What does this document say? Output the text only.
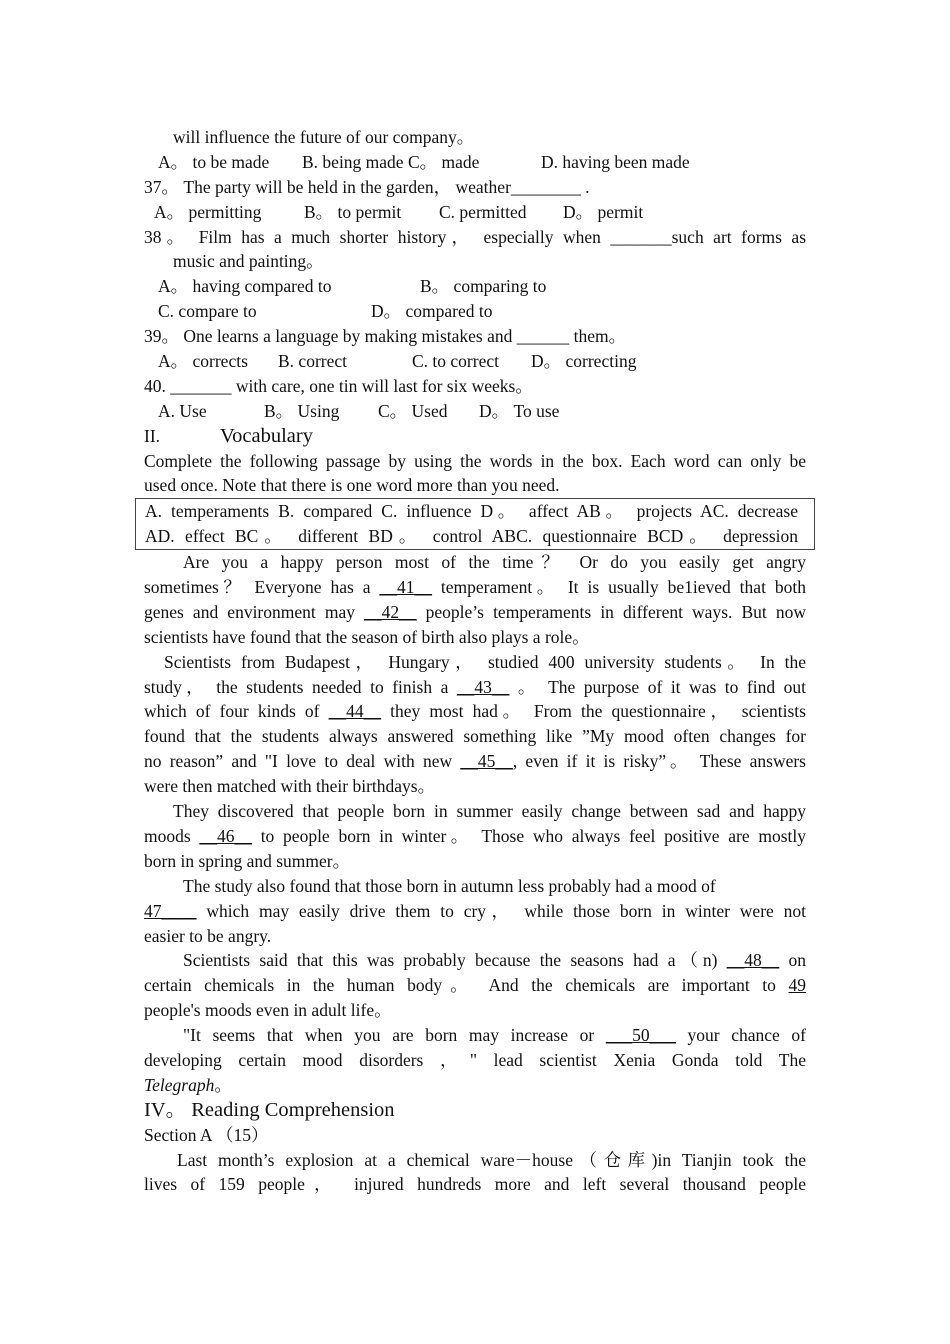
will influence the future of our company。
A。 to be made B. being made C。 made	D. having been made
37。 The party will be held in the garden， weather________ .
A。 permitting B。 to permit C. permitted D。 permit
38。 Film has a much shorter history， especially when _______such art forms as
music and painting。
A。 having compared to	B。 comparing to
C. compare to	D。 compared to
39。 One learns a language by making mistakes and ______ them。
A。 corrects B. correct	C. to correct D。 correcting
40. _______ with care, one tin will last for six weeks。
A. Use	B。 Using C。 Used D。 To use
II.	Vocabulary
Complete the following passage by using the words in the box. Each word can only be
used once. Note that there is one word more than you need.
A. temperaments B. compared C. influence D。 affect AB。 projects AC. decrease
AD. effect BC。 different BD。 control ABC. questionnaire BCD。 depression
Are you a happy person most of the time？ Or do you easily get angry
sometimes？ Everyone has a __41__ temperament。 It is usually be1ieved that both
genes and environment may __42__ people’s temperaments in different ways. But now
scientists have found that the season of birth also plays a role。
Scientists from Budapest， Hungary， studied 400 university students。 In the
study， the students needed to finish a __43__ 。 The purpose of it was to find out
which of four kinds of __44__ they most had。 From the questionnaire， scientists
found that the students always answered something like ”My mood often changes for
no reason” and "I love to deal with new __45__, even if it is risky”。 These answers
were then matched with their birthdays。
They discovered that people born in summer easily change between sad and happy
moods __46__ to people born in winter。 Those who always feel positive are mostly
born in spring and summer。
The study also found that those born in autumn less probably had a mood of
47____ which may easily drive them to cry， while those born in winter were not
easier to be angry.
Scientists said that this was probably because the seasons had a（n) __48__ on
certain chemicals in the human body。 And the chemicals are important to 49
people's moods even in adult life。
"It seems that when you are born may increase or ___50___ your chance of
developing certain mood disorders ，" lead scientist Xenia Gonda told The
Telegraph。
IV。 Reading Comprehension
Section A （15）
Last month’s explosion at a chemical ware－house（仓库)in Tianjin took the
lives of 159 people， injured hundreds more and left several thousand people
